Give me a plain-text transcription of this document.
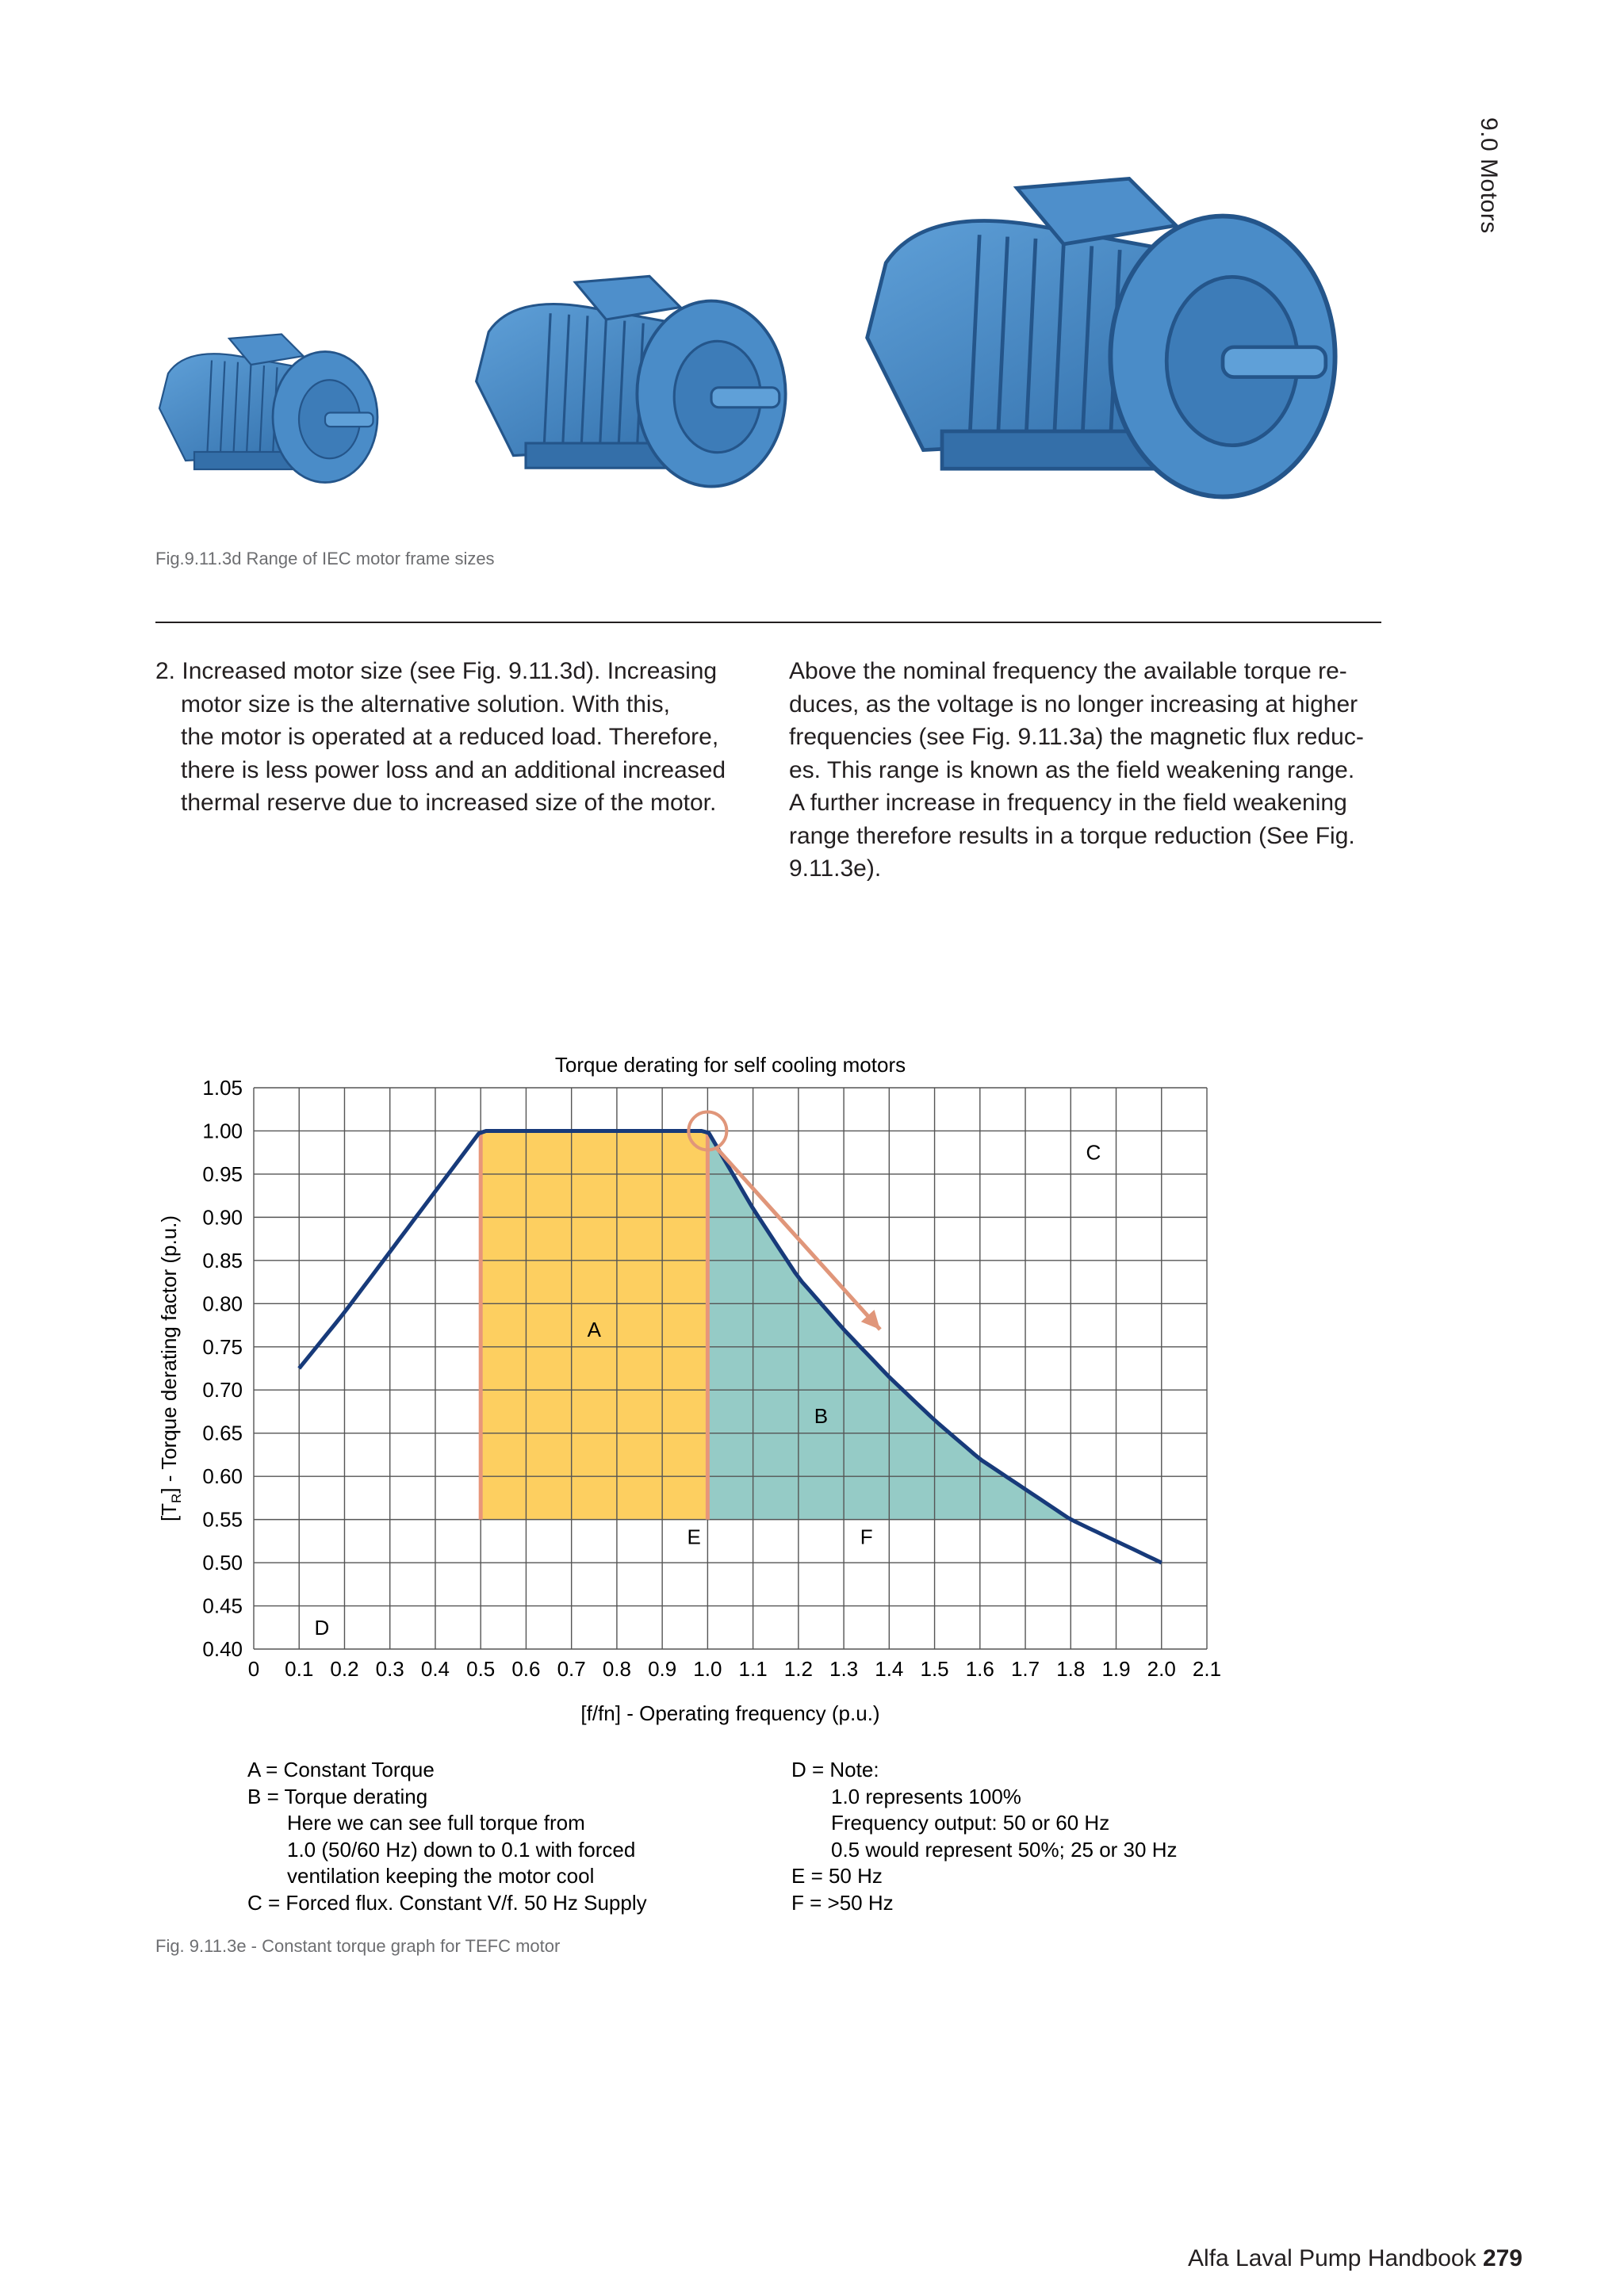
9.0 Motors
Fig.9.11.3d Range of IEC motor frame sizes

2. Increased motor size (see Fig. 9.11.3d). Increasing

motor size is the alternative solution. With this,

the motor is operated at a reduced load. Therefore,

there is less power loss and an additional increased

thermal reserve due to increased size of the motor.

Above the nominal frequency the available torque re-

duces, as the voltage is no longer increasing at higher

frequencies (see Fig. 9.11.3a) the magnetic flux reduc-

es. This range is known as the field weakening range.

A further increase in frequency in the field weakening

range therefore results in a torque reduction (See Fig.

9.11.3e).

0 0.1 0.2 0.3 0.4 0.5 0.6 0.7 0.8 0.9 1.0 1.1 1.2 1.3 1.4 1.5 1.6 1.7 1.8 1.9 2.0 2.1
0.40
0.45
0.50
0.55
0.60
0.65
0.70
0.75
0.80
0.85
0.90
0.95
1.00
1.05
A
B
C
D
E	F
Torque derating for self cooling motors
[f/fn] - Operating frequency (p.u.)
$[T_R]$ - Torque derating factor (p.u.)
A = Constant Torque
B = Torque derating
Here we can see full torque from
1.0 (50/60 Hz) down to 0.1 with forced
ventilation keeping the motor cool
C = Forced flux. Constant V/f. 50 Hz Supply
D = Note:
1.0 represents 100%
Frequency output: 50 or 60 Hz
0.5 would represent 50%; 25 or 30 Hz
E = 50 Hz
F = >50 Hz
Fig. 9.11.3e - Constant torque graph for TEFC motor
Alfa Laval Pump Handbook 279
